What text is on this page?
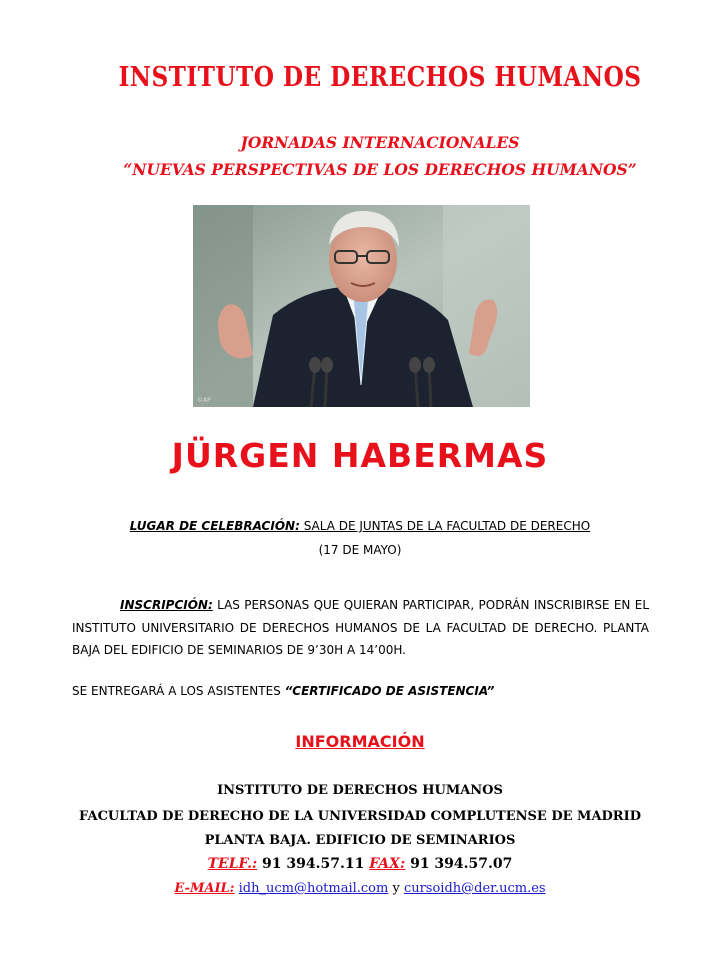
INSTITUTO DE DERECHOS HUMANOS
JORNADAS INTERNACIONALES
“NUEVAS PERSPECTIVAS DE LOS DERECHOS HUMANOS”
©AP
JÜRGEN HABERMAS
LUGAR DE CELEBRACIÓN: SALA DE JUNTAS DE LA FACULTAD DE DERECHO
(17 DE MAYO)
INSCRIPCIÓN: LAS PERSONAS QUE QUIERAN PARTICIPAR, PODRÁN INSCRIBIRSE EN EL INSTITUTO UNIVERSITARIO DE DERECHOS HUMANOS DE LA FACULTAD DE DERECHO. PLANTA BAJA DEL EDIFICIO DE SEMINARIOS DE 9’30H A 14’00H.
SE ENTREGARÁ A LOS ASISTENTES “CERTIFICADO DE ASISTENCIA”
INFORMACIÓN
INSTITUTO DE DERECHOS HUMANOS
FACULTAD DE DERECHO DE LA UNIVERSIDAD COMPLUTENSE DE MADRID
PLANTA BAJA. EDIFICIO DE SEMINARIOS
TELF.: 91 394.57.11 FAX: 91 394.57.07
E-MAIL: idh_ucm@hotmail.com y cursoidh@der.ucm.es
